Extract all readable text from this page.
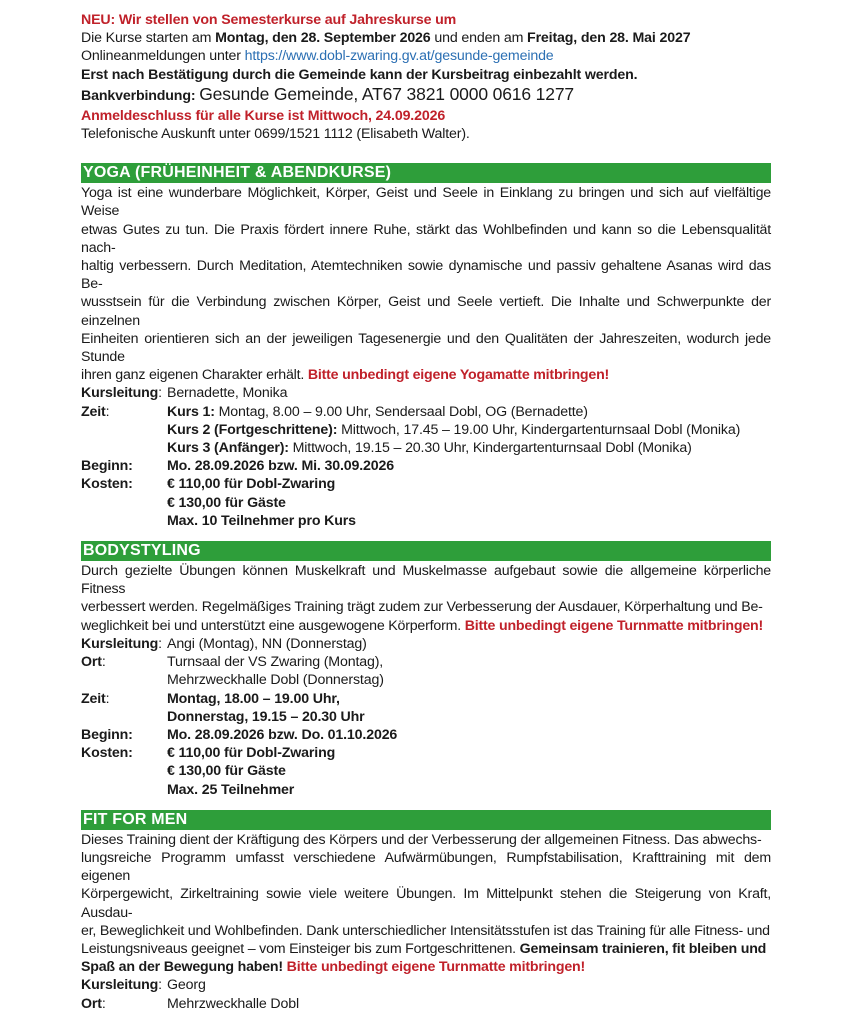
NEU: Wir stellen von Semesterkurse auf Jahreskurse um
Die Kurse starten am Montag, den 28. September 2026 und enden am Freitag, den 28. Mai 2027
Onlineanmeldungen unter https://www.dobl-zwaring.gv.at/gesunde-gemeinde
Erst nach Bestätigung durch die Gemeinde kann der Kursbeitrag einbezahlt werden.
Bankverbindung: Gesunde Gemeinde, AT67 3821 0000 0616 1277
Anmeldeschluss für alle Kurse ist Mittwoch, 24.09.2026
Telefonische Auskunft unter 0699/1521 1112 (Elisabeth Walter).
YOGA (FRÜHEINHEIT & ABENDKURSE)
Yoga ist eine wunderbare Möglichkeit, Körper, Geist und Seele in Einklang zu bringen und sich auf vielfältige Weise
etwas Gutes zu tun. Die Praxis fördert innere Ruhe, stärkt das Wohlbefinden und kann so die Lebensqualität nach-
haltig verbessern. Durch Meditation, Atemtechniken sowie dynamische und passiv gehaltene Asanas wird das Be-
wusstsein für die Verbindung zwischen Körper, Geist und Seele vertieft. Die Inhalte und Schwerpunkte der einzelnen
Einheiten orientieren sich an der jeweiligen Tagesenergie und den Qualitäten der Jahreszeiten, wodurch jede Stunde
ihren ganz eigenen Charakter erhält. Bitte unbedingt eigene Yogamatte mitbringen!
Kursleitung: Bernadette, Monika
Zeit:	Kurs 1: Montag, 8.00 – 9.00 Uhr, Sendersaal Dobl, OG (Bernadette)
Kurs 2 (Fortgeschrittene): Mittwoch, 17.45 – 19.00 Uhr, Kindergartenturnsaal Dobl (Monika)
Kurs 3 (Anfänger): Mittwoch, 19.15 – 20.30 Uhr, Kindergartenturnsaal Dobl (Monika)
Beginn:	Mo. 28.09.2026 bzw. Mi. 30.09.2026
Kosten:	€ 110,00 für Dobl-Zwaring
€ 130,00 für Gäste
Max. 10 Teilnehmer pro Kurs
BODYSTYLING
Durch gezielte Übungen können Muskelkraft und Muskelmasse aufgebaut sowie die allgemeine körperliche Fitness
verbessert werden. Regelmäßiges Training trägt zudem zur Verbesserung der Ausdauer, Körperhaltung und Be-
weglichkeit bei und unterstützt eine ausgewogene Körperform. Bitte unbedingt eigene Turnmatte mitbringen!
Kursleitung: Angi (Montag), NN (Donnerstag)
Ort:	Turnsaal der VS Zwaring (Montag),
Mehrzweckhalle Dobl (Donnerstag)
Zeit:	Montag, 18.00 – 19.00 Uhr,
Donnerstag, 19.15 – 20.30 Uhr
Beginn:	Mo. 28.09.2026 bzw. Do. 01.10.2026
Kosten:	€ 110,00 für Dobl-Zwaring
€ 130,00 für Gäste
Max. 25 Teilnehmer
FIT FOR MEN
Dieses Training dient der Kräftigung des Körpers und der Verbesserung der allgemeinen Fitness. Das abwechs-
lungsreiche Programm umfasst verschiedene Aufwärmübungen, Rumpfstabilisation, Krafttraining mit dem eigenen
Körpergewicht, Zirkeltraining sowie viele weitere Übungen. Im Mittelpunkt stehen die Steigerung von Kraft, Ausdau-
er, Beweglichkeit und Wohlbefinden. Dank unterschiedlicher Intensitätsstufen ist das Training für alle Fitness- und
Leistungsniveaus geeignet – vom Einsteiger bis zum Fortgeschrittenen. Gemeinsam trainieren, fit bleiben und
Spaß an der Bewegung haben! Bitte unbedingt eigene Turnmatte mitbringen!
Kursleitung: Georg
Ort:	Mehrzweckhalle Dobl
